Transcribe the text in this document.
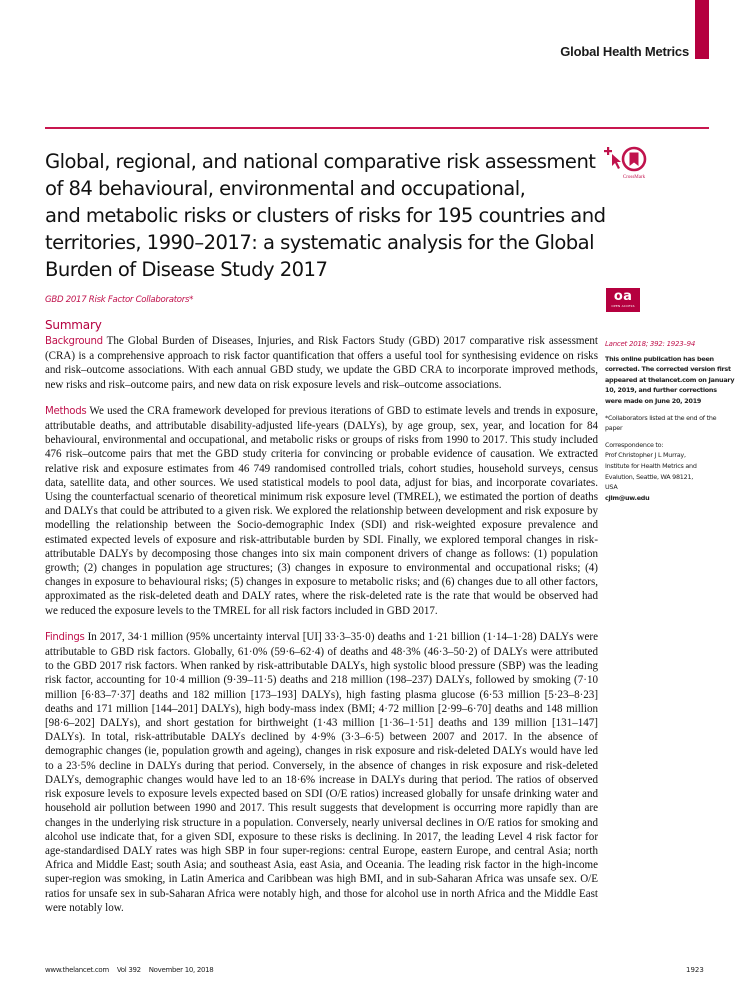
Global Health Metrics
Global, regional, and national comparative risk assessment
of 84 behavioural, environmental and occupational,
and metabolic risks or clusters of risks for 195 countries and
territories, 1990–2017: a systematic analysis for the Global
Burden of Disease Study 2017
CrossMark
GBD 2017 Risk Factor Collaborators*
Summary
oa
OPEN ACCESS

Background The Global Burden of Diseases, Injuries, and Risk Factors Study (GBD) 2017 comparative risk assessment (CRA) is a comprehensive approach to risk factor quantification that offers a useful tool for synthesising evidence on risks and risk–outcome associations. With each annual GBD study, we update the GBD CRA to incorporate improved methods, new risks and risk–outcome pairs, and new data on risk exposure levels and risk–outcome associations.

Methods We used the CRA framework developed for previous iterations of GBD to estimate levels and trends in exposure, attributable deaths, and attributable disability-adjusted life-years (DALYs), by age group, sex, year, and location for 84 behavioural, environmental and occupational, and metabolic risks or groups of risks from 1990 to 2017. This study included 476 risk–outcome pairs that met the GBD study criteria for convincing or probable evidence of causation. We extracted relative risk and exposure estimates from 46 749 randomised controlled trials, cohort studies, household surveys, census data, satellite data, and other sources. We used statistical models to pool data, adjust for bias, and incorporate covariates. Using the counterfactual scenario of theoretical minimum risk exposure level (TMREL), we estimated the portion of deaths and DALYs that could be attributed to a given risk. We explored the relationship between development and risk exposure by modelling the relationship between the Socio-demographic Index (SDI) and risk-weighted exposure prevalence and estimated expected levels of exposure and risk-attributable burden by SDI. Finally, we explored temporal changes in risk-attributable DALYs by decomposing those changes into six main component drivers of change as follows: (1) population growth; (2) changes in population age structures; (3) changes in exposure to environmental and occupational risks; (4) changes in exposure to behavioural risks; (5) changes in exposure to metabolic risks; and (6) changes due to all other factors, approximated as the risk-deleted death and DALY rates, where the risk-deleted rate is the rate that would be observed had we reduced the exposure levels to the TMREL for all risk factors included in GBD 2017.

Findings In 2017, 34·1 million (95% uncertainty interval [UI] 33·3–35·0) deaths and 1·21 billion (1·14–1·28) DALYs were attributable to GBD risk factors. Globally, 61·0% (59·6–62·4) of deaths and 48·3% (46·3–50·2) of DALYs were attributed to the GBD 2017 risk factors. When ranked by risk-attributable DALYs, high systolic blood pressure (SBP) was the leading risk factor, accounting for 10·4 million (9·39–11·5) deaths and 218 million (198–237) DALYs, followed by smoking (7·10 million [6·83–7·37] deaths and 182 million [173–193] DALYs), high fasting plasma glucose (6·53 million [5·23–8·23] deaths and 171 million [144–201] DALYs), high body-mass index (BMI; 4·72 million [2·99–6·70] deaths and 148 million [98·6–202] DALYs), and short gestation for birthweight (1·43 million [1·36–1·51] deaths and 139 million [131–147] DALYs). In total, risk-attributable DALYs declined by 4·9% (3·3–6·5) between 2007 and 2017. In the absence of demographic changes (ie, population growth and ageing), changes in risk exposure and risk-deleted DALYs would have led to a 23·5% decline in DALYs during that period. Conversely, in the absence of changes in risk exposure and risk-deleted DALYs, demographic changes would have led to an 18·6% increase in DALYs during that period. The ratios of observed risk exposure levels to exposure levels expected based on SDI (O/E ratios) increased globally for unsafe drinking water and household air pollution between 1990 and 2017. This result suggests that development is occurring more rapidly than are changes in the underlying risk structure in a population. Conversely, nearly universal declines in O/E ratios for smoking and alcohol use indicate that, for a given SDI, exposure to these risks is declining. In 2017, the leading Level 4 risk factor for age-standardised DALY rates was high SBP in four super-regions: central Europe, eastern Europe, and central Asia; north Africa and Middle East; south Asia; and southeast Asia, east Asia, and Oceania. The leading risk factor in the high-income super-region was smoking, in Latin America and Caribbean was high BMI, and in sub-Saharan Africa was unsafe sex. O/E ratios for unsafe sex in sub-Saharan Africa were notably high, and those for alcohol use in north Africa and the Middle East were notably low.

Lancet 2018; 392: 1923–94

This online publication has been corrected. The corrected version first appeared at thelancet.com on January 10, 2019, and further corrections were made on June 20, 2019

*Collaborators listed at the end of the paper

Correspondence to:

Prof Christopher J L Murray,

Institute for Health Metrics and

Evalution, Seattle, WA 98121,

USA

cjlm@uw.edu

www.thelancet.com Vol 392 November 10, 2018	1923
